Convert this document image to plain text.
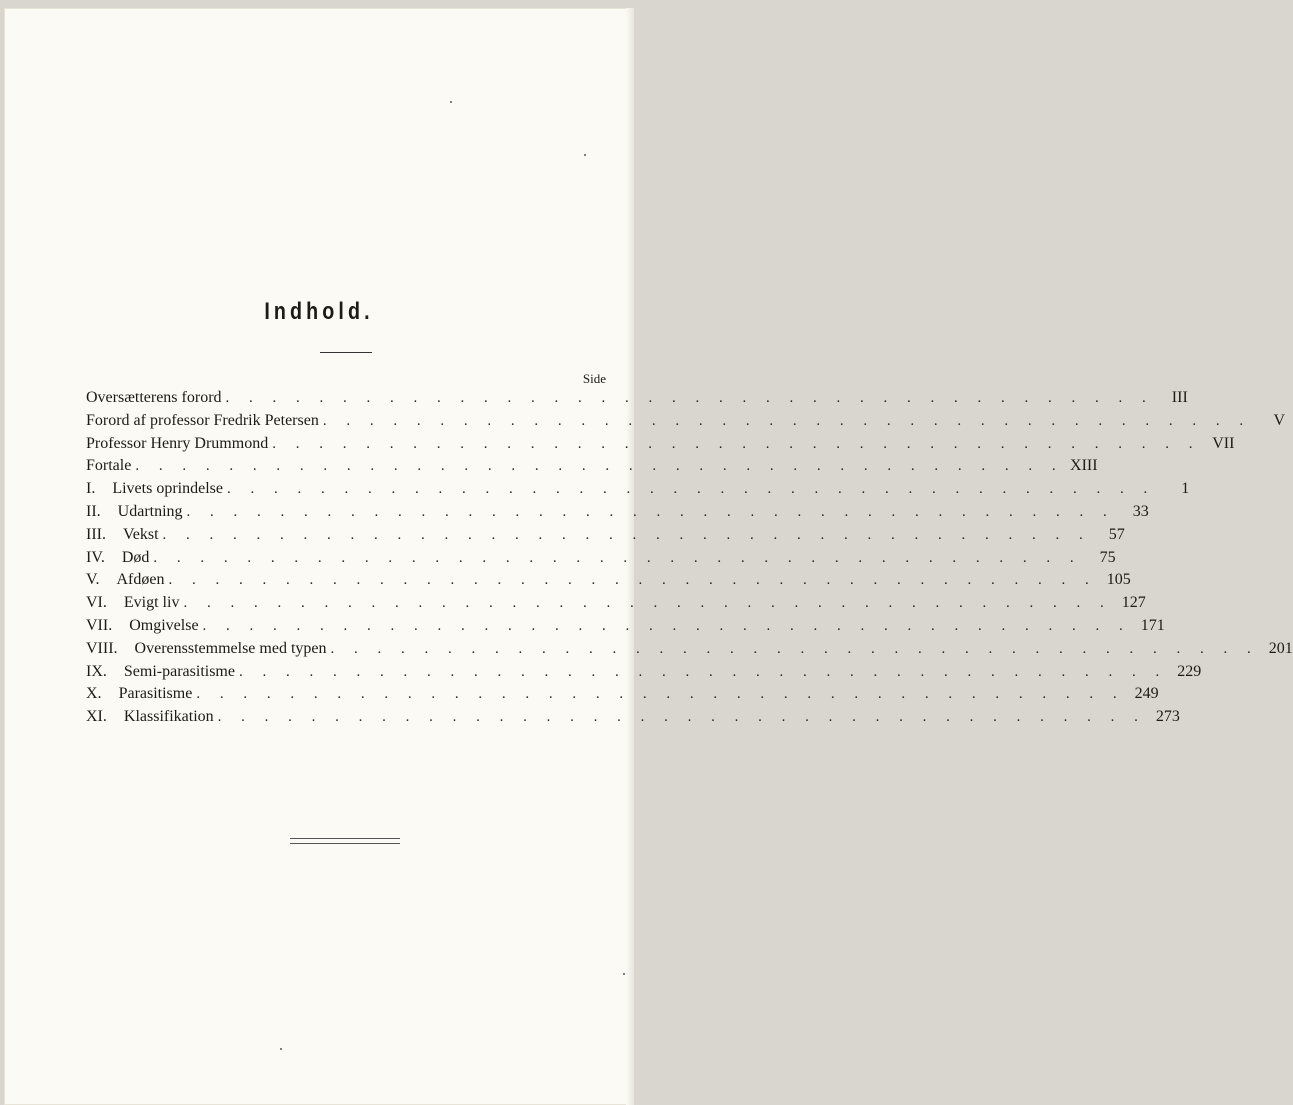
Indhold.
Side
Oversætterens forord . . . . . . . . . . . . . . . . . . . . . . . . . . . . . . . . . . . . . . . .	III
Forord af professor Fredrik Petersen . . . . . . . . . . . . . . . . . . . . . . . . . . . . . . . . . . . . . . . .	V
Professor Henry Drummond . . . . . . . . . . . . . . . . . . . . . . . . . . . . . . . . . . . . . . . . VII
Fortale . . . . . . . . . . . . . . . . . . . . . . . . . . . . . . . . . . . . . . . . XIII
I. Livets oprindelse . . . . . . . . . . . . . . . . . . . . . . . . . . . . . . . . . . . . . . . .	1
II. Udartning . . . . . . . . . . . . . . . . . . . . . . . . . . . . . . . . . . . . . . . .	33
III. Vekst . . . . . . . . . . . . . . . . . . . . . . . . . . . . . . . . . . . . . . . .	57
IV. Død . . . . . . . . . . . . . . . . . . . . . . . . . . . . . . . . . . . . . . . .	75
V. Afdøen . . . . . . . . . . . . . . . . . . . . . . . . . . . . . . . . . . . . . . . . 105
VI. Evigt liv . . . . . . . . . . . . . . . . . . . . . . . . . . . . . . . . . . . . . . . . 127
VII. Omgivelse . . . . . . . . . . . . . . . . . . . . . . . . . . . . . . . . . . . . . . . . 171
VIII. Overensstemmelse med typen . . . . . . . . . . . . . . . . . . . . . . . . . . . . . . . . . . . . . . . . 201
IX. Semi-parasitisme . . . . . . . . . . . . . . . . . . . . . . . . . . . . . . . . . . . . . . . . 229
X. Parasitisme . . . . . . . . . . . . . . . . . . . . . . . . . . . . . . . . . . . . . . . . 249
XI. Klassifikation . . . . . . . . . . . . . . . . . . . . . . . . . . . . . . . . . . . . . . . . 273
